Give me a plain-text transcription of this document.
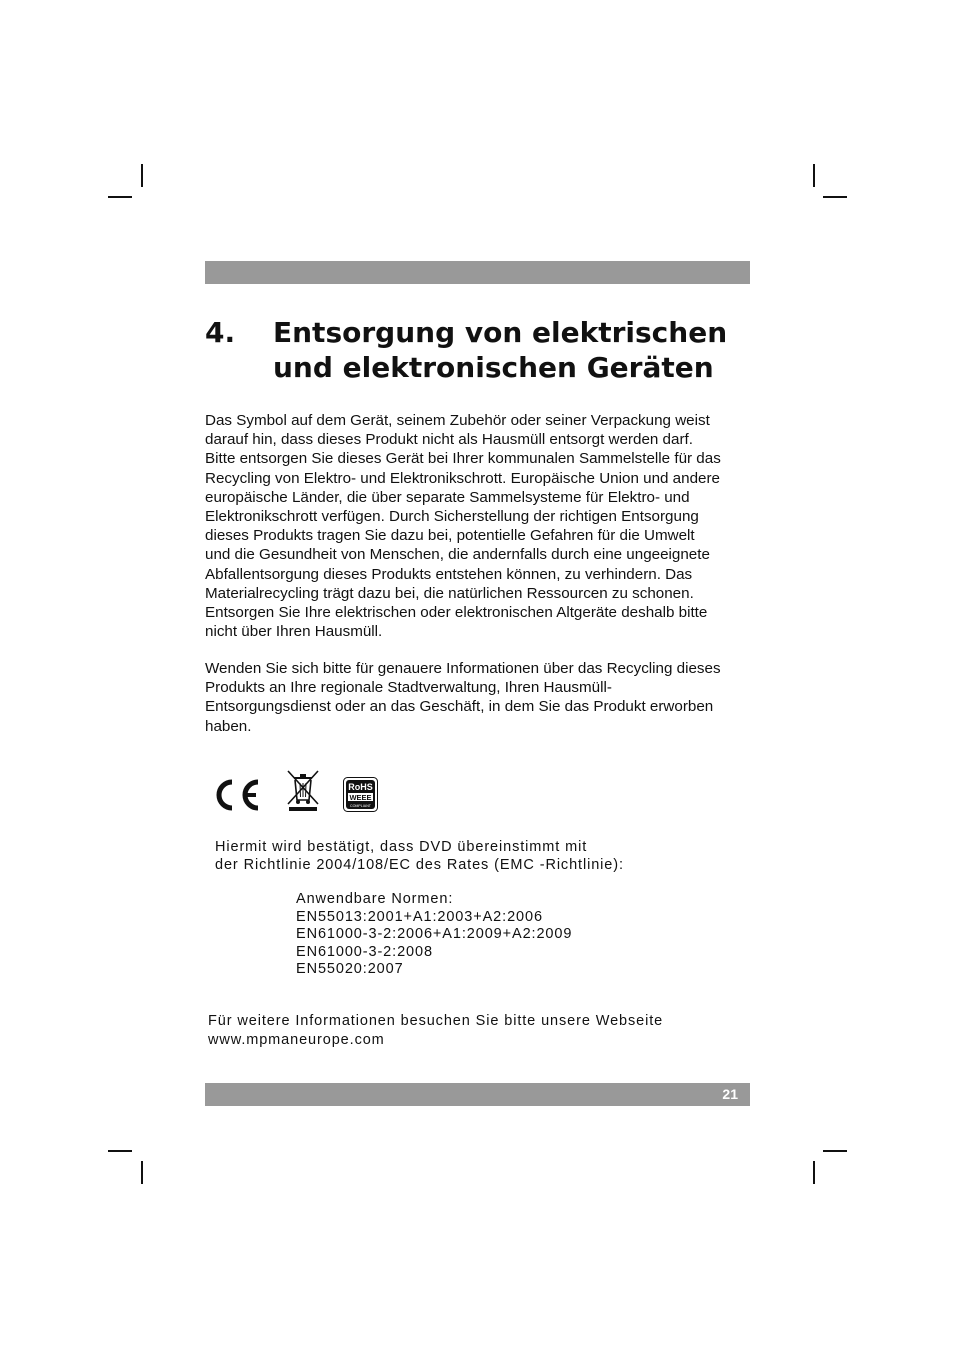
4. Entsorgung von elektrischen
und elektronischen Geräten
Das Symbol auf dem Gerät, seinem Zubehör oder seiner Verpackung weist
darauf hin, dass dieses Produkt nicht als Hausmüll entsorgt werden darf.
Bitte entsorgen Sie dieses Gerät bei Ihrer kommunalen Sammelstelle für das
Recycling von Elektro- und Elektronikschrott. Europäische Union und andere
europäische Länder, die über separate Sammelsysteme für Elektro- und
Elektronikschrott verfügen. Durch Sicherstellung der richtigen Entsorgung
dieses Produkts tragen Sie dazu bei, potentielle Gefahren für die Umwelt
und die Gesundheit von Menschen, die andernfalls durch eine ungeeignete
Abfallentsorgung dieses Produkts entstehen können, zu verhindern. Das
Materialrecycling trägt dazu bei, die natürlichen Ressourcen zu schonen.
Entsorgen Sie Ihre elektrischen oder elektronischen Altgeräte deshalb bitte
nicht über Ihren Hausmüll.
Wenden Sie sich bitte für genauere Informationen über das Recycling dieses
Produkts an Ihre regionale Stadtverwaltung, Ihren Hausmüll-
Entsorgungsdienst oder an das Geschäft, in dem Sie das Produkt erworben
haben.
RoHS
WEEE
COMPLIANT
Hiermit wird bestätigt, dass DVD übereinstimmt mit
der Richtlinie 2004/108/EC des Rates (EMC -Richtlinie):
Anwendbare Normen:
EN55013:2001+A1:2003+A2:2006
EN61000-3-2:2006+A1:2009+A2:2009
EN61000-3-2:2008
EN55020:2007
Für weitere Informationen besuchen Sie bitte unsere Webseite
www.mpmaneurope.com
21
